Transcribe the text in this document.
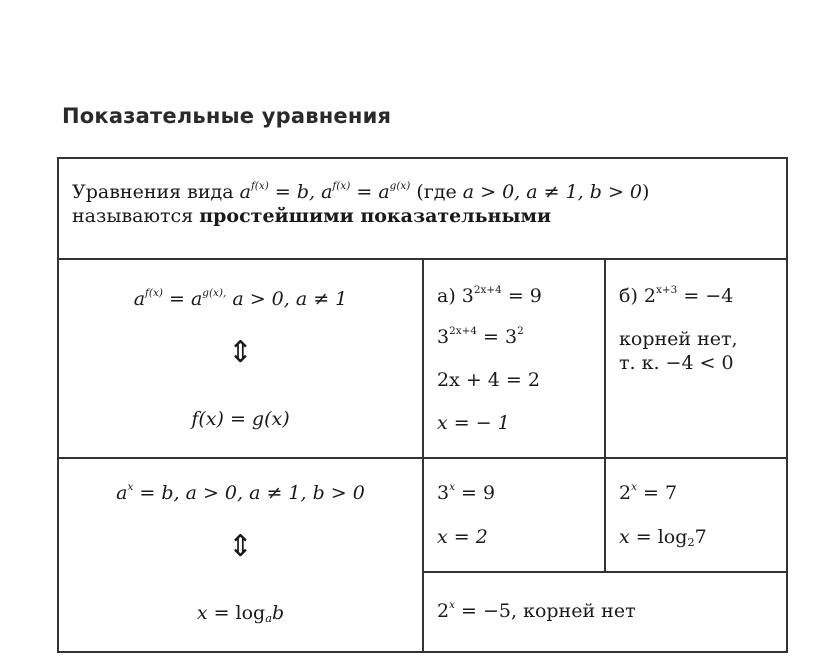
Показательные уравнения
Уравнения вида $a^{f(x)} = b$, $a^{f(x)} = a^{g(x)}$ (где a > 0, a ≠ 1, b > 0)
называются простейшими показательными
$a^{f(x)} = a^{g(x),}$ a > 0, a ≠ 1
⇕
f(x) = g(x)
а) $3^{2x+4} = 9$
$3^{2x+4} = 3^2$
2x + 4 = 2
x = − 1
б) $2^{x+3} = -4$
корней нет,
т. к. −4 < 0
$a^x = b$, a > 0, a ≠ 1, b > 0
⇕
$x = \log_ab$
$3^x = 9$
x = 2
$2^x = 7$
$x = \log_27$
$2^x = -5$, корней нет
